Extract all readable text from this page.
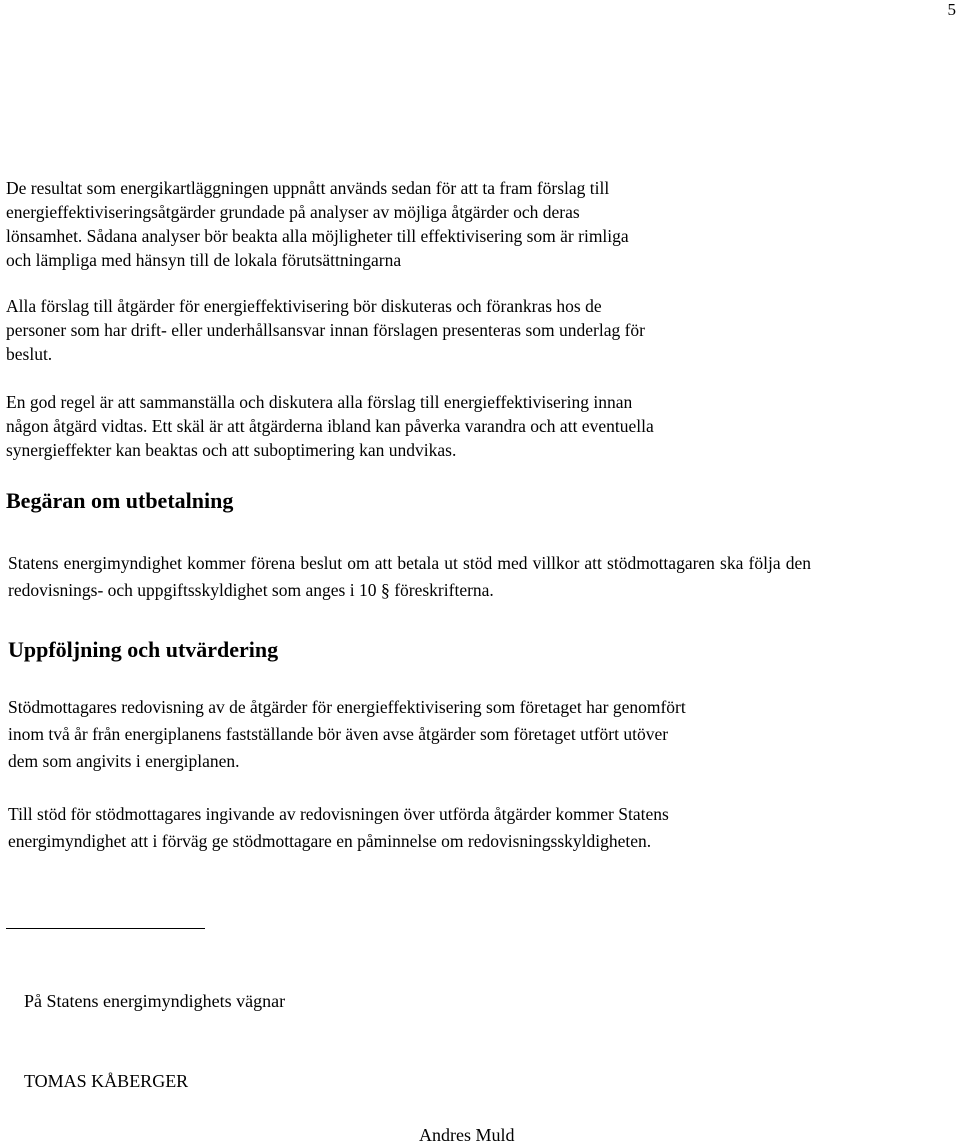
5

De resultat som energikartläggningen uppnått används sedan för att ta fram förslag till
energieffektiviseringsåtgärder grundade på analyser av möjliga åtgärder och deras
lönsamhet. Sådana analyser bör beakta alla möjligheter till effektivisering som är rimliga
och lämpliga med hänsyn till de lokala förutsättningarna

Alla förslag till åtgärder för energieffektivisering bör diskuteras och förankras hos de
personer som har drift- eller underhållsansvar innan förslagen presenteras som underlag för
beslut.

En god regel är att sammanställa och diskutera alla förslag till energieffektivisering innan
någon åtgärd vidtas. Ett skäl är att åtgärderna ibland kan påverka varandra och att eventuella
synergieffekter kan beaktas och att suboptimering kan undvikas.

Begäran om utbetalning

Statens energimyndighet kommer förena beslut om att betala ut stöd med villkor att stödmottagaren ska följa den redovisnings- och uppgiftsskyldighet som anges i 10 § föreskrifterna.

Uppföljning och utvärdering

Stödmottagares redovisning av de åtgärder för energieffektivisering som företaget har genomfört
inom två år från energiplanens fastställande bör även avse åtgärder som företaget utfört utöver
dem som angivits i energiplanen.

Till stöd för stödmottagares ingivande av redovisningen över utförda åtgärder kommer Statens
energimyndighet att i förväg ge stödmottagare en påminnelse om redovisningsskyldigheten.

På Statens energimyndighets vägnar

TOMAS KÅBERGER

Andres Muld
